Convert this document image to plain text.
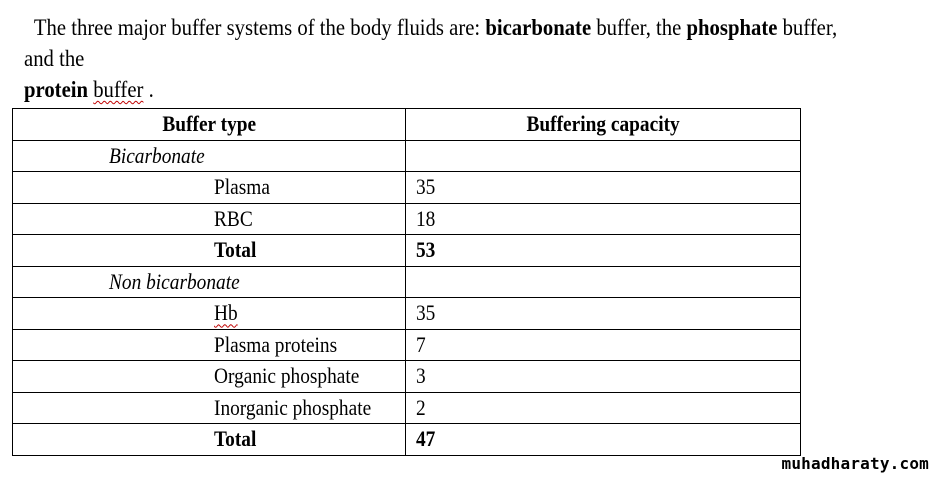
The three major buffer systems of the body fluids are: bicarbonate buffer, the phosphate buffer, and the
protein buffer .
Buffer type	Buffering capacity
Bicarbonate	
Plasma	35
RBC	18
Total	53
Non bicarbonate	
Hb	35
Plasma proteins	7
Organic phosphate	3
Inorganic phosphate	2
Total	47
muhadharaty.com
